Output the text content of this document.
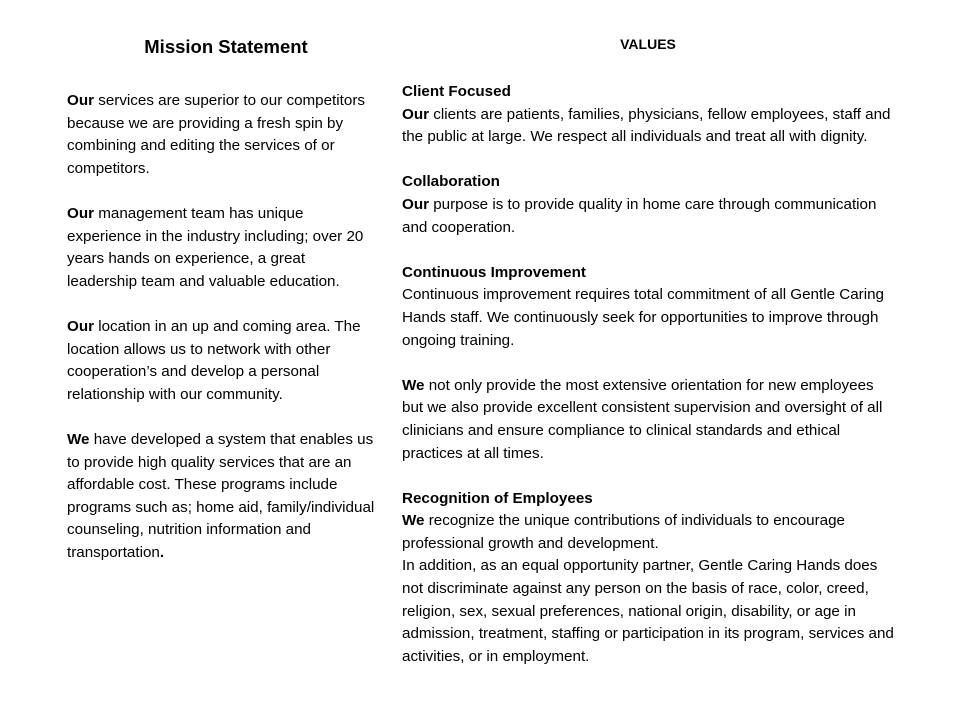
Mission Statement

Our services are superior to our competitors because we are providing a fresh spin by combining and editing the services of or competitors.

Our management team has unique experience in the industry including; over 20 years hands on experience, a great leadership team and valuable education.

Our location in an up and coming area. The location allows us to network with other cooperation’s and develop a personal relationship with our community.

We have developed a system that enables us to provide high quality services that are an affordable cost. These programs include programs such as; home aid, family/individual counseling, nutrition information and transportation.

VALUES
Client Focused
Our clients are patients, families, physicians, fellow employees, staff and the public at large. We respect all individuals and treat all with dignity.
Collaboration
Our purpose is to provide quality in home care through communication and cooperation.
Continuous Improvement
Continuous improvement requires total commitment of all Gentle Caring Hands staff. We continuously seek for opportunities to improve through ongoing training.
We not only provide the most extensive orientation for new employees but we also provide excellent consistent supervision and oversight of all clinicians and ensure compliance to clinical standards and ethical practices at all times.
Recognition of Employees
We recognize the unique contributions of individuals to encourage professional growth and development.
In addition, as an equal opportunity partner, Gentle Caring Hands does not discriminate against any person on the basis of race, color, creed, religion, sex, sexual preferences, national origin, disability, or age in admission, treatment, staffing or participation in its program, services and activities, or in employment.
